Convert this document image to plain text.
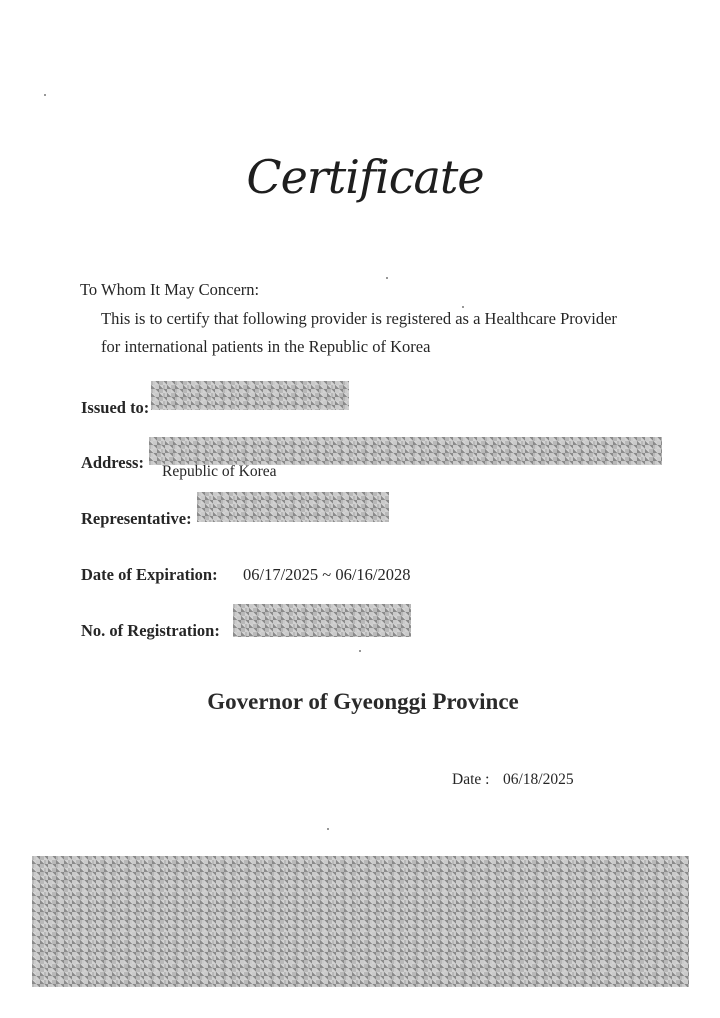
Certificate
To Whom It May Concern:
This is to certify that following provider is registered as a Healthcare Provider
for international patients in the Republic of Korea
Issued to:
Address: Republic of Korea
Representative:
Date of Expiration: 06/17/2025 ~ 06/16/2028
No. of Registration:
Governor of Gyeonggi Province
Date : 06/18/2025
